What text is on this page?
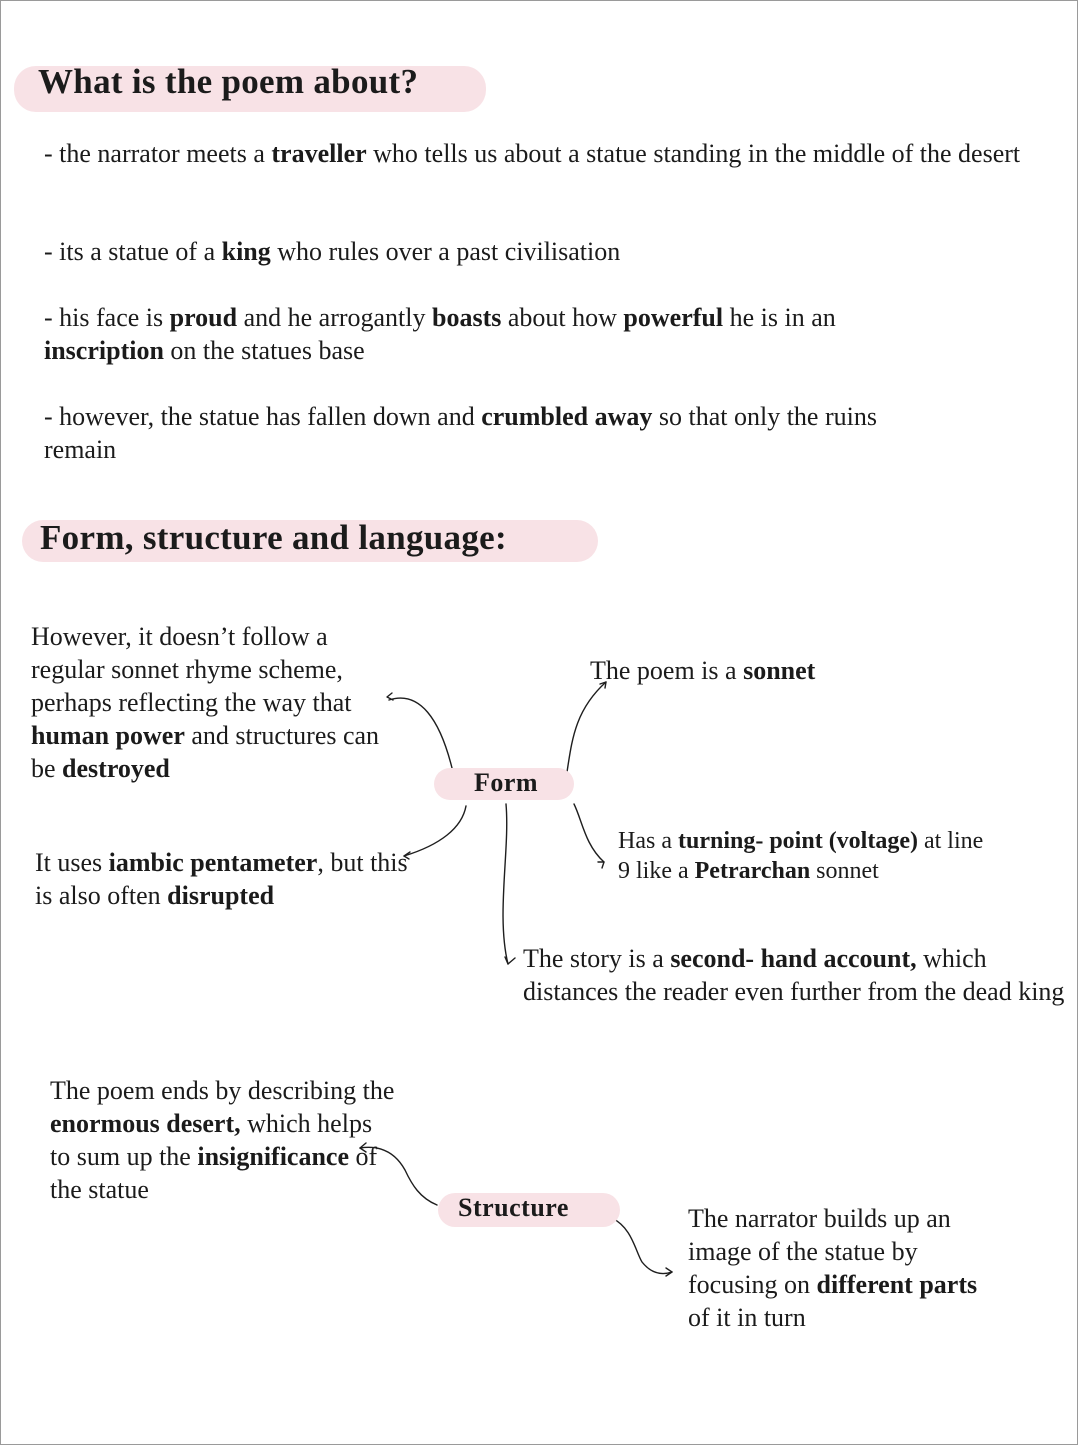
What is the poem about?

- the narrator meets a traveller who tells us about a statue standing in the middle of the desert

- its a statue of a king who rules over a past civilisation

- his face is proud and he arrogantly boasts about how powerful he is in an inscription on the statues base

- however, the statue has fallen down and crumbled away so that only the ruins remain

Form, structure and language:
Form
Structure

However, it doesn’t follow a regular sonnet rhyme scheme, perhaps reflecting the way that human power and structures can be destroyed

The poem is a sonnet

It uses iambic pentameter, but this is also often disrupted

Has a turning- point (voltage) at line 9 like a Petrarchan sonnet

The story is a second- hand account, which distances the reader even further from the dead king

The poem ends by describing the enormous desert, which helps to sum up the insignificance of the statue

The narrator builds up an image of the statue by focusing on different parts of it in turn
